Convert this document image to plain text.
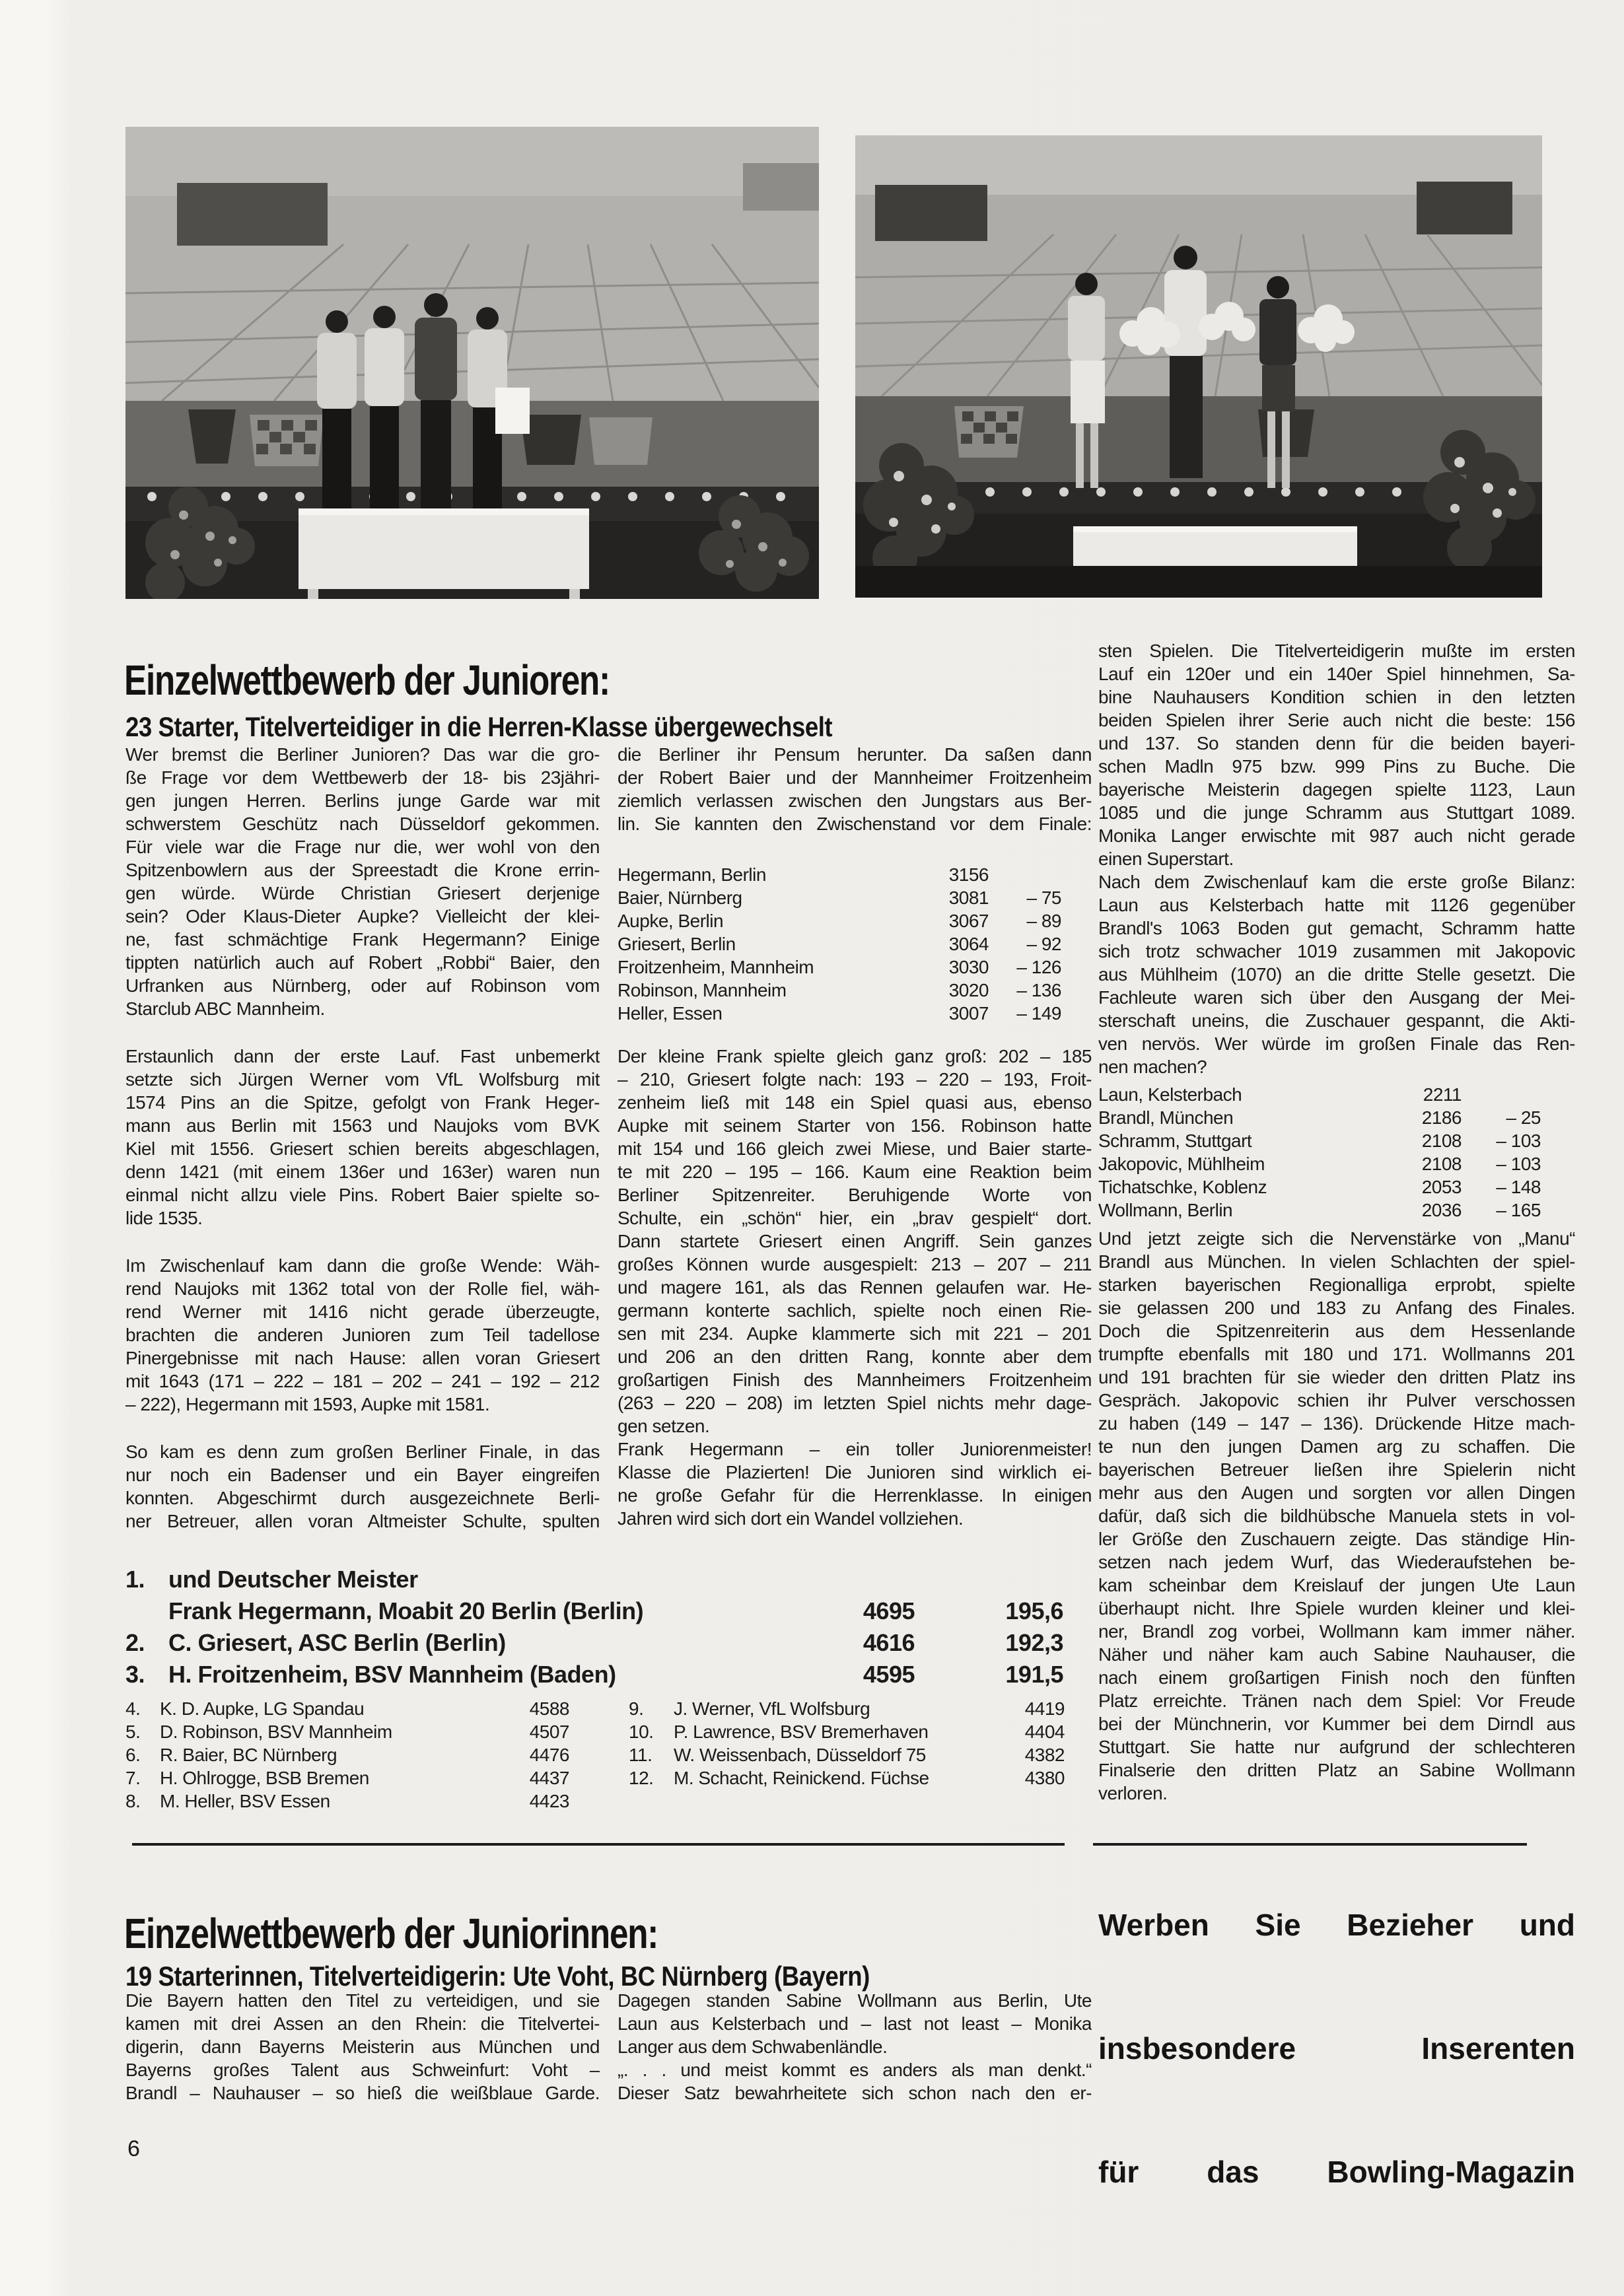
Einzelwettbewerb der Junioren:
23 Starter, Titelverteidiger in die Herren-Klasse übergewechselt
Wer bremst die Berliner Junioren? Das war die gro-
ße Frage vor dem Wettbewerb der 18- bis 23jähri-
gen jungen Herren. Berlins junge Garde war mit
schwerstem Geschütz nach Düsseldorf gekommen.
Für viele war die Frage nur die, wer wohl von den
Spitzenbowlern aus der Spreestadt die Krone errin-
gen würde. Würde Christian Griesert derjenige
sein? Oder Klaus-Dieter Aupke? Vielleicht der klei-
ne, fast schmächtige Frank Hegermann? Einige
tippten natürlich auch auf Robert „Robbi“ Baier, den
Urfranken aus Nürnberg, oder auf Robinson vom
Starclub ABC Mannheim.
Erstaunlich dann der erste Lauf. Fast unbemerkt
setzte sich Jürgen Werner vom VfL Wolfsburg mit
1574 Pins an die Spitze, gefolgt von Frank Heger-
mann aus Berlin mit 1563 und Naujoks vom BVK
Kiel mit 1556. Griesert schien bereits abgeschlagen,
denn 1421 (mit einem 136er und 163er) waren nun
einmal nicht allzu viele Pins. Robert Baier spielte so-
lide 1535.
Im Zwischenlauf kam dann die große Wende: Wäh-
rend Naujoks mit 1362 total von der Rolle fiel, wäh-
rend Werner mit 1416 nicht gerade überzeugte,
brachten die anderen Junioren zum Teil tadellose
Pinergebnisse mit nach Hause: allen voran Griesert
mit 1643 (171 – 222 – 181 – 202 – 241 – 192 – 212
– 222), Hegermann mit 1593, Aupke mit 1581.
So kam es denn zum großen Berliner Finale, in das
nur noch ein Badenser und ein Bayer eingreifen
konnten. Abgeschirmt durch ausgezeichnete Berli-
ner Betreuer, allen voran Altmeister Schulte, spulten
die Berliner ihr Pensum herunter. Da saßen dann
der Robert Baier und der Mannheimer Froitzenheim
ziemlich verlassen zwischen den Jungstars aus Ber-
lin. Sie kannten den Zwischenstand vor dem Finale:
Hegermann, Berlin	3156
Baier, Nürnberg	3081	– 75
Aupke, Berlin	3067	– 89
Griesert, Berlin	3064	– 92
Froitzenheim, Mannheim	3030	– 126
Robinson, Mannheim	3020	– 136
Heller, Essen	3007	– 149
Der kleine Frank spielte gleich ganz groß: 202 – 185
– 210, Griesert folgte nach: 193 – 220 – 193, Froit-
zenheim ließ mit 148 ein Spiel quasi aus, ebenso
Aupke mit seinem Starter von 156. Robinson hatte
mit 154 und 166 gleich zwei Miese, und Baier starte-
te mit 220 – 195 – 166. Kaum eine Reaktion beim
Berliner Spitzenreiter. Beruhigende Worte von
Schulte, ein „schön“ hier, ein „brav gespielt“ dort.
Dann startete Griesert einen Angriff. Sein ganzes
großes Können wurde ausgespielt: 213 – 207 – 211
und magere 161, als das Rennen gelaufen war. He-
germann konterte sachlich, spielte noch einen Rie-
sen mit 234. Aupke klammerte sich mit 221 – 201
und 206 an den dritten Rang, konnte aber dem
großartigen Finish des Mannheimers Froitzenheim
(263 – 220 – 208) im letzten Spiel nichts mehr dage-
gen setzen.
Frank Hegermann – ein toller Juniorenmeister!
Klasse die Plazierten! Die Junioren sind wirklich ei-
ne große Gefahr für die Herrenklasse. In einigen
Jahren wird sich dort ein Wandel vollziehen.
sten Spielen. Die Titelverteidigerin mußte im ersten
Lauf ein 120er und ein 140er Spiel hinnehmen, Sa-
bine Nauhausers Kondition schien in den letzten
beiden Spielen ihrer Serie auch nicht die beste: 156
und 137. So standen denn für die beiden bayeri-
schen Madln 975 bzw. 999 Pins zu Buche. Die
bayerische Meisterin dagegen spielte 1123, Laun
1085 und die junge Schramm aus Stuttgart 1089.
Monika Langer erwischte mit 987 auch nicht gerade
einen Superstart.
Nach dem Zwischenlauf kam die erste große Bilanz:
Laun aus Kelsterbach hatte mit 1126 gegenüber
Brandl's 1063 Boden gut gemacht, Schramm hatte
sich trotz schwacher 1019 zusammen mit Jakopovic
aus Mühlheim (1070) an die dritte Stelle gesetzt. Die
Fachleute waren sich über den Ausgang der Mei-
sterschaft uneins, die Zuschauer gespannt, die Akti-
ven nervös. Wer würde im großen Finale das Ren-
nen machen?
Laun, Kelsterbach	2211
Brandl, München	2186	– 25
Schramm, Stuttgart	2108	– 103
Jakopovic, Mühlheim	2108	– 103
Tichatschke, Koblenz	2053	– 148
Wollmann, Berlin	2036	– 165
Und jetzt zeigte sich die Nervenstärke von „Manu“
Brandl aus München. In vielen Schlachten der spiel-
starken bayerischen Regionalliga erprobt, spielte
sie gelassen 200 und 183 zu Anfang des Finales.
Doch die Spitzenreiterin aus dem Hessenlande
trumpfte ebenfalls mit 180 und 171. Wollmanns 201
und 191 brachten für sie wieder den dritten Platz ins
Gespräch. Jakopovic schien ihr Pulver verschossen
zu haben (149 – 147 – 136). Drückende Hitze mach-
te nun den jungen Damen arg zu schaffen. Die
bayerischen Betreuer ließen ihre Spielerin nicht
mehr aus den Augen und sorgten vor allen Dingen
dafür, daß sich die bildhübsche Manuela stets in vol-
ler Größe den Zuschauern zeigte. Das ständige Hin-
setzen nach jedem Wurf, das Wiederaufstehen be-
kam scheinbar dem Kreislauf der jungen Ute Laun
überhaupt nicht. Ihre Spiele wurden kleiner und klei-
ner, Brandl zog vorbei, Wollmann kam immer näher.
Näher und näher kam auch Sabine Nauhauser, die
nach einem großartigen Finish noch den fünften
Platz erreichte. Tränen nach dem Spiel: Vor Freude
bei der Münchnerin, vor Kummer bei dem Dirndl aus
Stuttgart. Sie hatte nur aufgrund der schlechteren
Finalserie den dritten Platz an Sabine Wollmann
verloren.
1. und Deutscher Meister
Frank Hegermann, Moabit 20 Berlin (Berlin)	4695	195,6
2. C. Griesert, ASC Berlin (Berlin)	4616	192,3
3. H. Froitzenheim, BSV Mannheim (Baden)	4595	191,5
4.	K. D. Aupke, LG Spandau	4588
5.	D. Robinson, BSV Mannheim	4507
6.	R. Baier, BC Nürnberg	4476
7.	H. Ohlrogge, BSB Bremen	4437
8.	M. Heller, BSV Essen	4423
9.	J. Werner, VfL Wolfsburg	4419
10.	P. Lawrence, BSV Bremerhaven	4404
11.	W. Weissenbach, Düsseldorf 75	4382
12.	M. Schacht, Reinickend. Füchse	4380
Einzelwettbewerb der Juniorinnen:
19 Starterinnen, Titelverteidigerin: Ute Voht, BC Nürnberg (Bayern)
Die Bayern hatten den Titel zu verteidigen, und sie
kamen mit drei Assen an den Rhein: die Titelvertei-
digerin, dann Bayerns Meisterin aus München und
Bayerns großes Talent aus Schweinfurt: Voht –
Brandl – Nauhauser – so hieß die weißblaue Garde.
Dagegen standen Sabine Wollmann aus Berlin, Ute
Laun aus Kelsterbach und – last not least – Monika
Langer aus dem Schwabenländle.
„. . . und meist kommt es anders als man denkt.“
Dieser Satz bewahrheitete sich schon nach den er-
Werben Sie Bezieher und
insbesondere Inserenten
für das Bowling-Magazin
6
